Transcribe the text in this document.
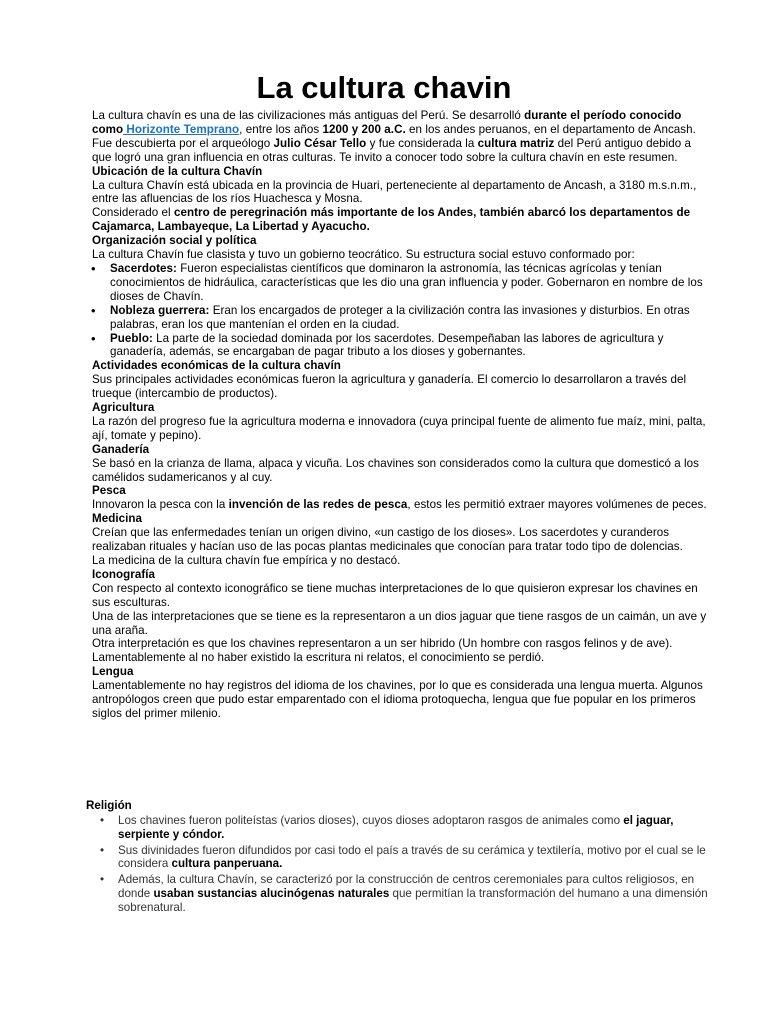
La cultura chavin

La cultura chavín es una de las civilizaciones más antiguas del Perú. Se desarrolló durante el período conocido como Horizonte Temprano, entre los años 1200 y 200 a.C. en los andes peruanos, en el departamento de Ancash.

Fue descubierta por el arqueólogo Julio César Tello y fue considerada la cultura matriz del Perú antiguo debido a que logró una gran influencia en otras culturas. Te invito a conocer todo sobre la cultura chavín en este resumen.

Ubicación de la cultura Chavín

La cultura Chavín está ubicada en la provincia de Huari, perteneciente al departamento de Ancash, a 3180 m.s.n.m., entre las afluencias de los ríos Huachesca y Mosna.

Considerado el centro de peregrinación más importante de los Andes, también abarcó los departamentos de Cajamarca, Lambayeque, La Libertad y Ayacucho.

Organización social y política

La cultura Chavín fue clasista y tuvo un gobierno teocrático. Su estructura social estuvo conformado por:

• Sacerdotes: Fueron especialistas científicos que dominaron la astronomía, las técnicas agrícolas y tenían conocimientos de hidráulica, características que les dio una gran influencia y poder. Gobernaron en nombre de los dioses de Chavín.
• Nobleza guerrera: Eran los encargados de proteger a la civilización contra las invasiones y disturbios. En otras palabras, eran los que mantenían el orden en la ciudad.
• Pueblo: La parte de la sociedad dominada por los sacerdotes. Desempeñaban las labores de agricultura y ganadería, además, se encargaban de pagar tributo a los dioses y gobernantes.

Actividades económicas de la cultura chavín

Sus principales actividades económicas fueron la agricultura y ganadería. El comercio lo desarrollaron a través del trueque (intercambio de productos).

Agricultura

La razón del progreso fue la agricultura moderna e innovadora (cuya principal fuente de alimento fue maíz, mini, palta, ají, tomate y pepino).

Ganadería

Se basó en la crianza de llama, alpaca y vicuña. Los chavines son considerados como la cultura que domesticó a los camélidos sudamericanos y al cuy.

Pesca

Innovaron la pesca con la invención de las redes de pesca, estos les permitió extraer mayores volúmenes de peces.

Medicina

Creían que las enfermedades tenían un origen divino, «un castigo de los dioses». Los sacerdotes y curanderos realizaban rituales y hacían uso de las pocas plantas medicinales que conocían para tratar todo tipo de dolencias.

La medicina de la cultura chavín fue empírica y no destacó.

Iconografía

Con respecto al contexto iconográfico se tiene muchas interpretaciones de lo que quisieron expresar los chavines en sus esculturas.

Una de las interpretaciones que se tiene es la representaron a un dios jaguar que tiene rasgos de un caimán, un ave y una araña.

Otra interpretación es que los chavines representaron a un ser hibrido (Un hombre con rasgos felinos y de ave). Lamentablemente al no haber existido la escritura ni relatos, el conocimiento se perdió.

Lengua

Lamentablemente no hay registros del idioma de los chavines, por lo que es considerada una lengua muerta. Algunos antropólogos creen que pudo estar emparentado con el idioma protoquecha, lengua que fue popular en los primeros siglos del primer milenio.

Religión
• Los chavines fueron politeístas (varios dioses), cuyos dioses adoptaron rasgos de animales como el jaguar, serpiente y cóndor.
• Sus divinidades fueron difundidos por casi todo el país a través de su cerámica y textilería, motivo por el cual se le considera cultura panperuana.
• Además, la cultura Chavín, se caracterizó por la construcción de centros ceremoniales para cultos religiosos, en donde usaban sustancias alucinógenas naturales que permitían la transformación del humano a una dimensión sobrenatural.
